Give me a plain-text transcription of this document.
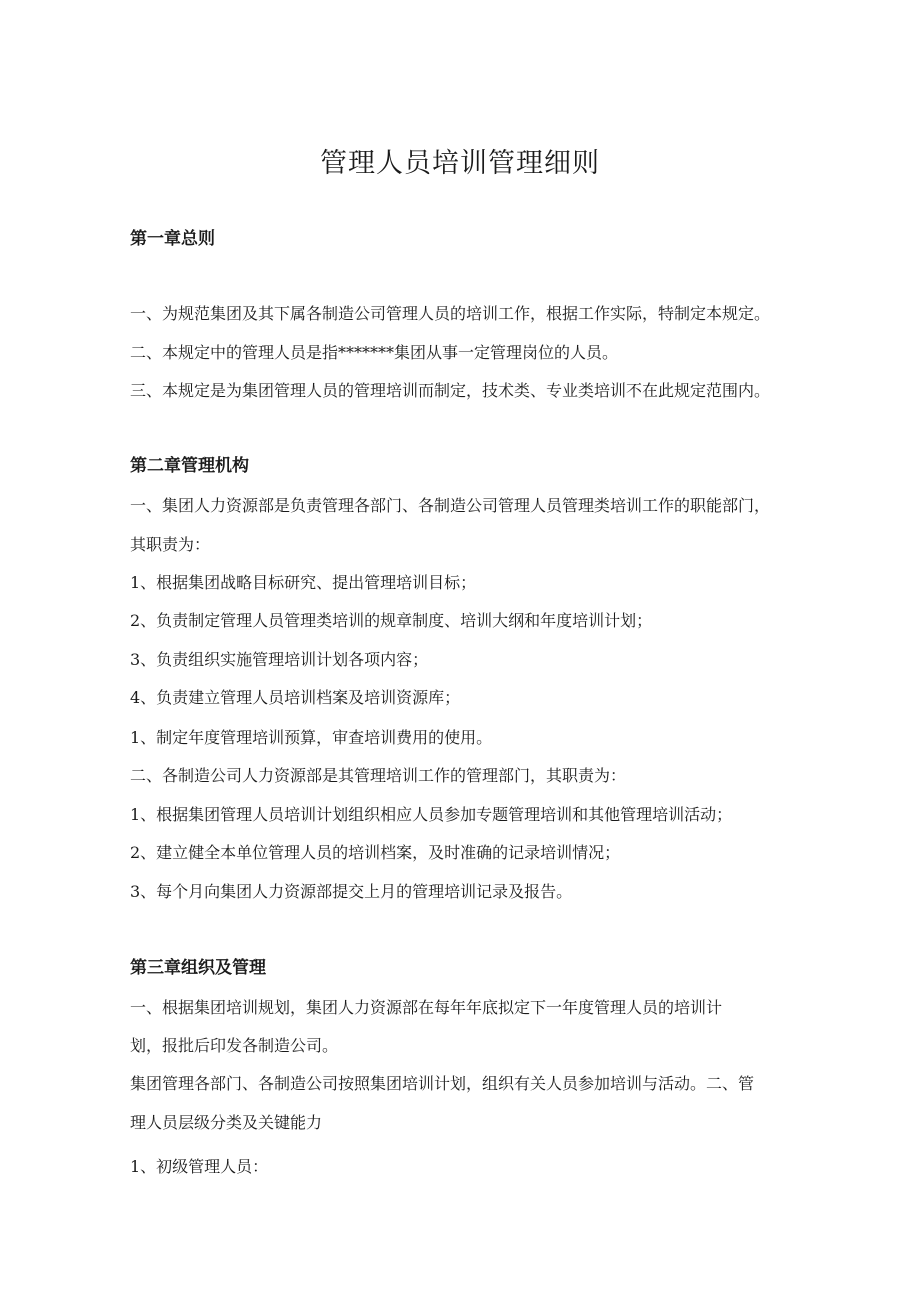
管理人员培训管理细则
第一章总则

一、为规范集团及其下属各制造公司管理人员的培训工作，根据工作实际，特制定本规定。

二、本规定中的管理人员是指*******集团从事一定管理岗位的人员。

三、本规定是为集团管理人员的管理培训而制定，技术类、专业类培训不在此规定范围内。

第二章管理机构

一、集团人力资源部是负责管理各部门、各制造公司管理人员管理类培训工作的职能部门，

其职责为：

1、根据集团战略目标研究、提出管理培训目标；

2、负责制定管理人员管理类培训的规章制度、培训大纲和年度培训计划；

3、负责组织实施管理培训计划各项内容；

4、负责建立管理人员培训档案及培训资源库；

1、制定年度管理培训预算，审查培训费用的使用。

二、各制造公司人力资源部是其管理培训工作的管理部门，其职责为：

1、根据集团管理人员培训计划组织相应人员参加专题管理培训和其他管理培训活动；

2、建立健全本单位管理人员的培训档案，及时准确的记录培训情况；

3、每个月向集团人力资源部提交上月的管理培训记录及报告。

第三章组织及管理

一、根据集团培训规划，集团人力资源部在每年年底拟定下一年度管理人员的培训计

划，报批后印发各制造公司。

集团管理各部门、各制造公司按照集团培训计划，组织有关人员参加培训与活动。二、管

理人员层级分类及关键能力

1、初级管理人员：
